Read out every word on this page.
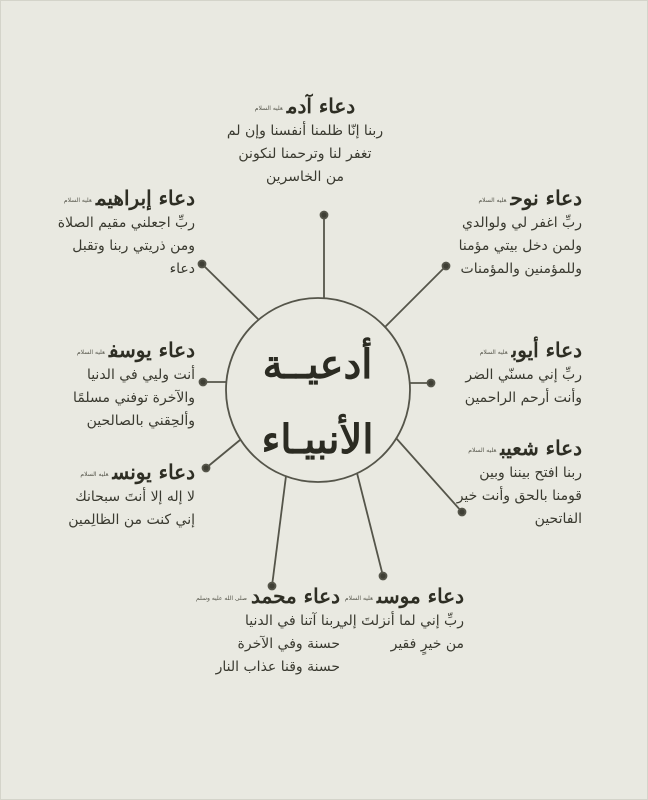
أدعيــة
الأنبيـاء
دعاء آدمعليه السلام
ربنا إنّا ظلمنا أنفسنا وإن لم
تغفر لنا وترحمنا لنكونن
من الخاسرين
دعاء نوحعليه السلام
ربِّ اغفر لي ولوالدي
ولمن دخل بيتي مؤمنا
وللمؤمنين والمؤمنات
دعاء أيوبعليه السلام
ربِّ إني مسنّي الضر
وأنت أرحم الراحمين
دعاء شعيبعليه السلام
ربنا افتح بيننا وبين
قومنا بالحق وأنت خير
الفاتحين
دعاء موسىعليه السلام
ربِّ إني لما أنزلتَ إلي
من خيرٍ فقير
دعاء محمدصلى الله عليه وسلم
ربنا آتنا في الدنيا
حسنة وفي الآخرة
حسنة وقنا عذاب النار
دعاء يونسعليه السلام
لا إله إلا أنتَ سبحانك
إني كنت من الظالِمين
دعاء يوسفعليه السلام
أنت وليي في الدنيا
والآخرة توفني مسلمًا
وألحِقني بالصالحين
دعاء إبراهيمعليه السلام
ربِّ اجعلني مقيم الصلاة
ومن ذريتي ربنا وتقبل
دعاء
